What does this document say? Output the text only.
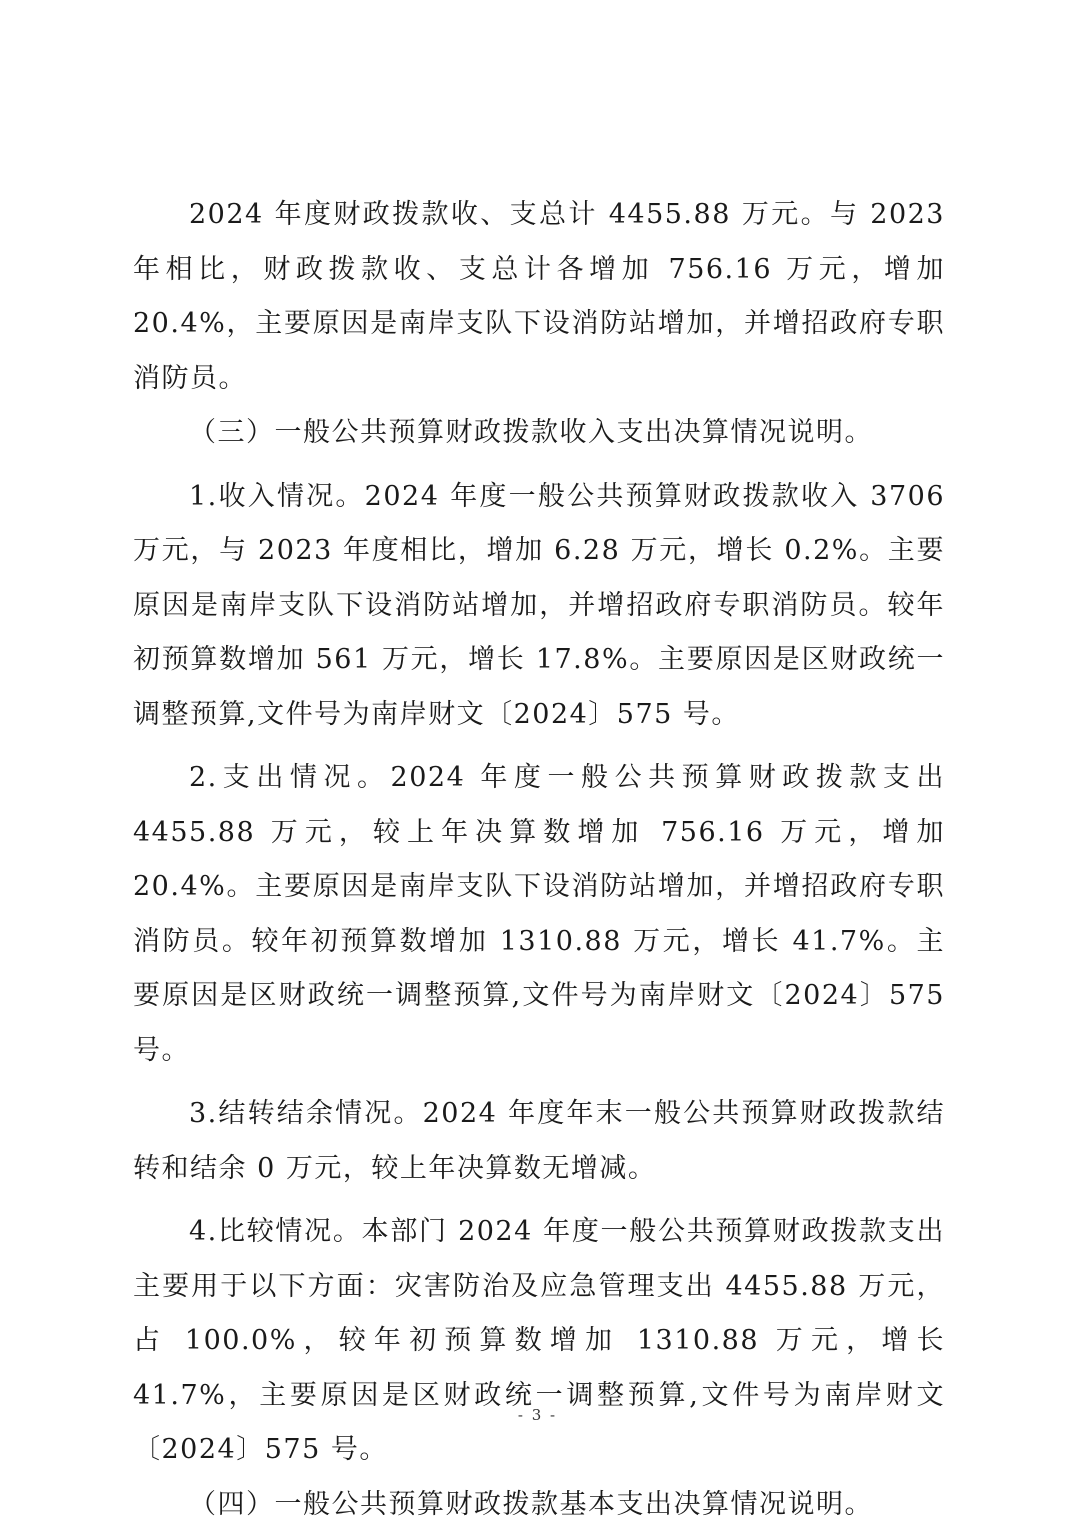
2024 年度财政拨款收、支总计 4455.88 万元。与 2023 年相比，财政拨款收、支总计各增加 756.16 万元，增加 20.4%，主要原因是南岸支队下设消防站增加，并增招政府专职消防员。

（三）一般公共预算财政拨款收入支出决算情况说明。

1.收入情况。2024 年度一般公共预算财政拨款收入 3706 万元，与 2023 年度相比，增加 6.28 万元，增长 0.2%。主要原因是南岸支队下设消防站增加，并增招政府专职消防员。较年初预算数增加 561 万元，增长 17.8%。主要原因是区财政统一调整预算,文件号为南岸财文〔2024〕575 号。

2.支出情况。2024 年度一般公共预算财政拨款支出 4455.88 万元，较上年决算数增加 756.16 万元，增加 20.4%。主要原因是南岸支队下设消防站增加，并增招政府专职消防员。较年初预算数增加 1310.88 万元，增长 41.7%。主要原因是区财政统一调整预算,文件号为南岸财文〔2024〕575 号。

3.结转结余情况。2024 年度年末一般公共预算财政拨款结转和结余 0 万元，较上年决算数无增减。

4.比较情况。本部门 2024 年度一般公共预算财政拨款支出主要用于以下方面：灾害防治及应急管理支出 4455.88 万元，占 100.0%，较年初预算数增加 1310.88 万元，增长 41.7%，主要原因是区财政统一调整预算,文件号为南岸财文〔2024〕575 号。

（四）一般公共预算财政拨款基本支出决算情况说明。

- 3 -
